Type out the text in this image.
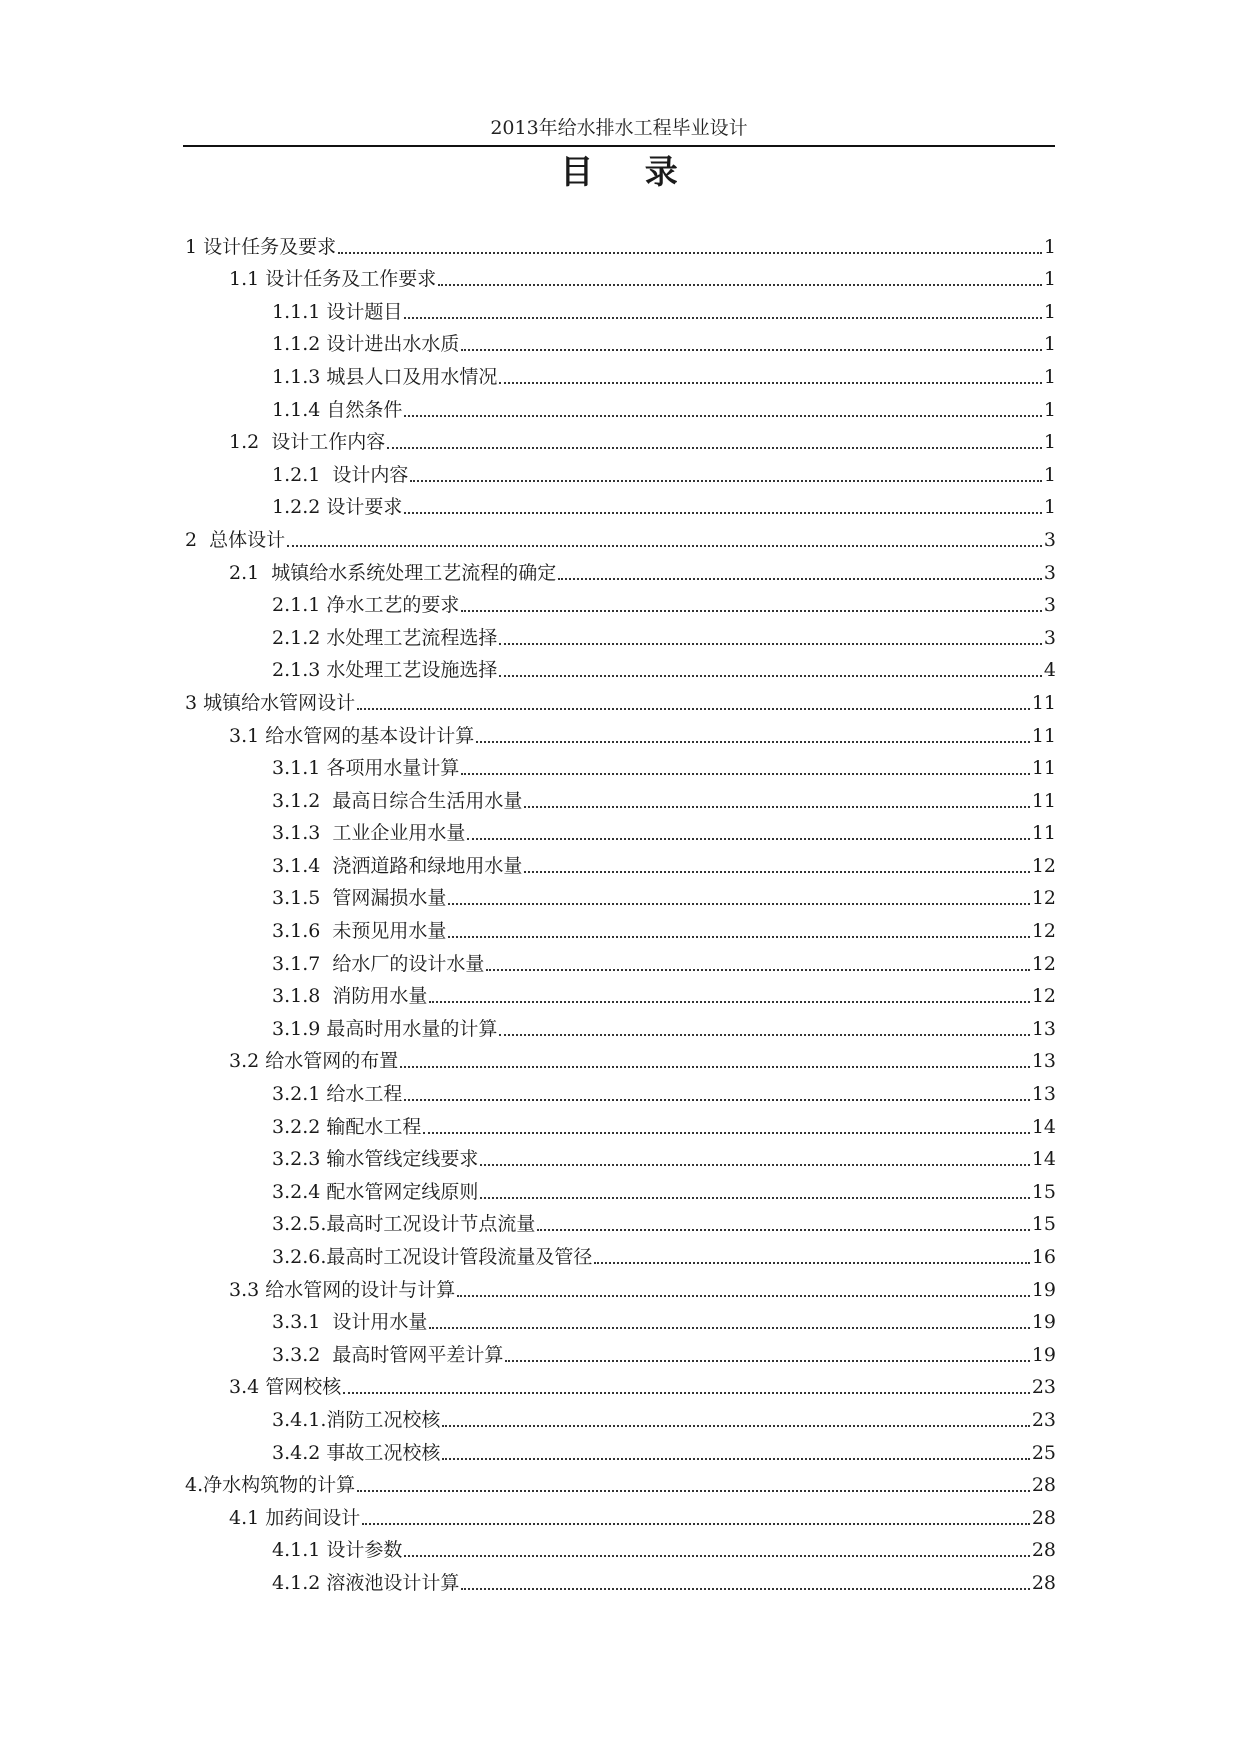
2013年给水排水工程毕业设计
目 录
1 设计任务及要求	1
1.1 设计任务及工作要求	1
1.1.1 设计题目	1
1.1.2 设计进出水水质	1
1.1.3 城县人口及用水情况	1
1.1.4 自然条件	1
1.2  设计工作内容	1
1.2.1  设计内容	1
1.2.2 设计要求	1
2  总体设计	3
2.1  城镇给水系统处理工艺流程的确定	3
2.1.1 净水工艺的要求	3
2.1.2 水处理工艺流程选择	3
2.1.3 水处理工艺设施选择	4
3 城镇给水管网设计	11
3.1 给水管网的基本设计计算	11
3.1.1 各项用水量计算	11
3.1.2  最高日综合生活用水量	11
3.1.3  工业企业用水量	11
3.1.4  浇洒道路和绿地用水量	12
3.1.5  管网漏损水量	12
3.1.6  未预见用水量	12
3.1.7  给水厂的设计水量	12
3.1.8  消防用水量	12
3.1.9 最高时用水量的计算	13
3.2 给水管网的布置	13
3.2.1 给水工程	13
3.2.2 输配水工程	14
3.2.3 输水管线定线要求	14
3.2.4 配水管网定线原则	15
3.2.5.最高时工况设计节点流量	15
3.2.6.最高时工况设计管段流量及管径	16
3.3 给水管网的设计与计算	19
3.3.1  设计用水量	19
3.3.2  最高时管网平差计算	19
3.4 管网校核	23
3.4.1.消防工况校核	23
3.4.2 事故工况校核	25
4.净水构筑物的计算	28
4.1 加药间设计	28
4.1.1 设计参数	28
4.1.2 溶液池设计计算	28
